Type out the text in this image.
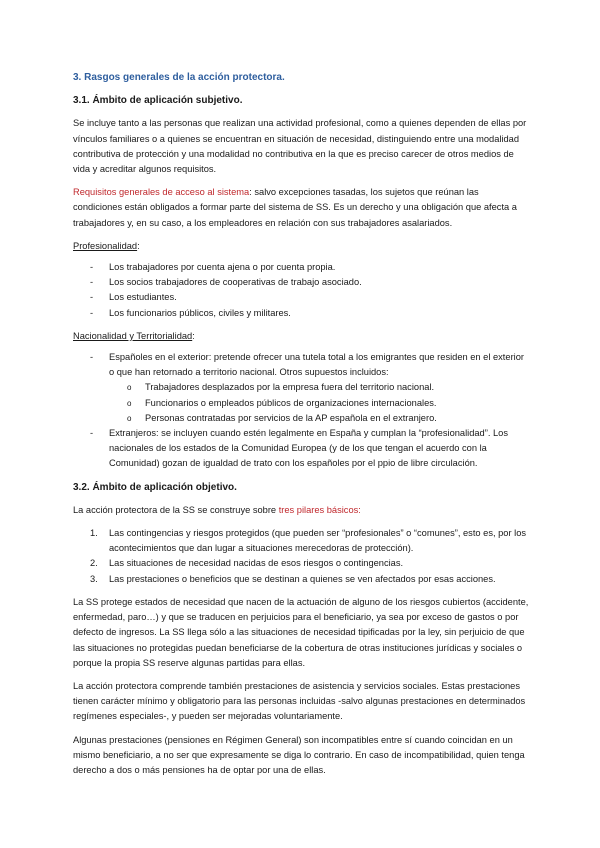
3. Rasgos generales de la acción protectora.
3.1. Ámbito de aplicación subjetivo.

Se incluye tanto a las personas que realizan una actividad profesional, como a quienes dependen de ellas por vínculos familiares o a quienes se encuentran en situación de necesidad, distinguiendo entre una modalidad contributiva de protección y una modalidad no contributiva en la que es preciso carecer de otros medios de vida y acreditar algunos requisitos.

Requisitos generales de acceso al sistema: salvo excepciones tasadas, los sujetos que reúnan las condiciones están obligados a formar parte del sistema de SS. Es un derecho y una obligación que afecta a trabajadores y, en su caso, a los empleadores en relación con sus trabajadores asalariados.

Profesionalidad:

- Los trabajadores por cuenta ajena o por cuenta propia.
- Los socios trabajadores de cooperativas de trabajo asociado.
- Los estudiantes.
- Los funcionarios públicos, civiles y militares.

Nacionalidad y Territorialidad:

- Españoles en el exterior: pretende ofrecer una tutela total a los emigrantes que residen en el exterior o que han retornado a territorio nacional. Otros supuestos incluidos:
o Trabajadores desplazados por la empresa fuera del territorio nacional.
o Funcionarios o empleados públicos de organizaciones internacionales.
o Personas contratadas por servicios de la AP española en el extranjero.
- Extranjeros: se incluyen cuando estén legalmente en España y cumplan la “profesionalidad”. Los nacionales de los estados de la Comunidad Europea (y de los que tengan el acuerdo con la Comunidad) gozan de igualdad de trato con los españoles por el ppio de libre circulación.
3.2. Ámbito de aplicación objetivo.

La acción protectora de la SS se construye sobre tres pilares básicos:

1. Las contingencias y riesgos protegidos (que pueden ser “profesionales” o “comunes”, esto es, por los acontecimientos que dan lugar a situaciones merecedoras de protección).
2. Las situaciones de necesidad nacidas de esos riesgos o contingencias.
3. Las prestaciones o beneficios que se destinan a quienes se ven afectados por esas acciones.

La SS protege estados de necesidad que nacen de la actuación de alguno de los riesgos cubiertos (accidente, enfermedad, paro…) y que se traducen en perjuicios para el beneficiario, ya sea por exceso de gastos o por defecto de ingresos. La SS llega sólo a las situaciones de necesidad tipificadas por la ley, sin perjuicio de que las situaciones no protegidas puedan beneficiarse de la cobertura de otras instituciones jurídicas y sociales o porque la propia SS reserve algunas partidas para ellas.

La acción protectora comprende también prestaciones de asistencia y servicios sociales. Estas prestaciones tienen carácter mínimo y obligatorio para las personas incluidas -salvo algunas prestaciones en determinados regímenes especiales-, y pueden ser mejoradas voluntariamente.

Algunas prestaciones (pensiones en Régimen General) son incompatibles entre sí cuando coincidan en un mismo beneficiario, a no ser que expresamente se diga lo contrario. En caso de incompatibilidad, quien tenga derecho a dos o más pensiones ha de optar por una de ellas.
